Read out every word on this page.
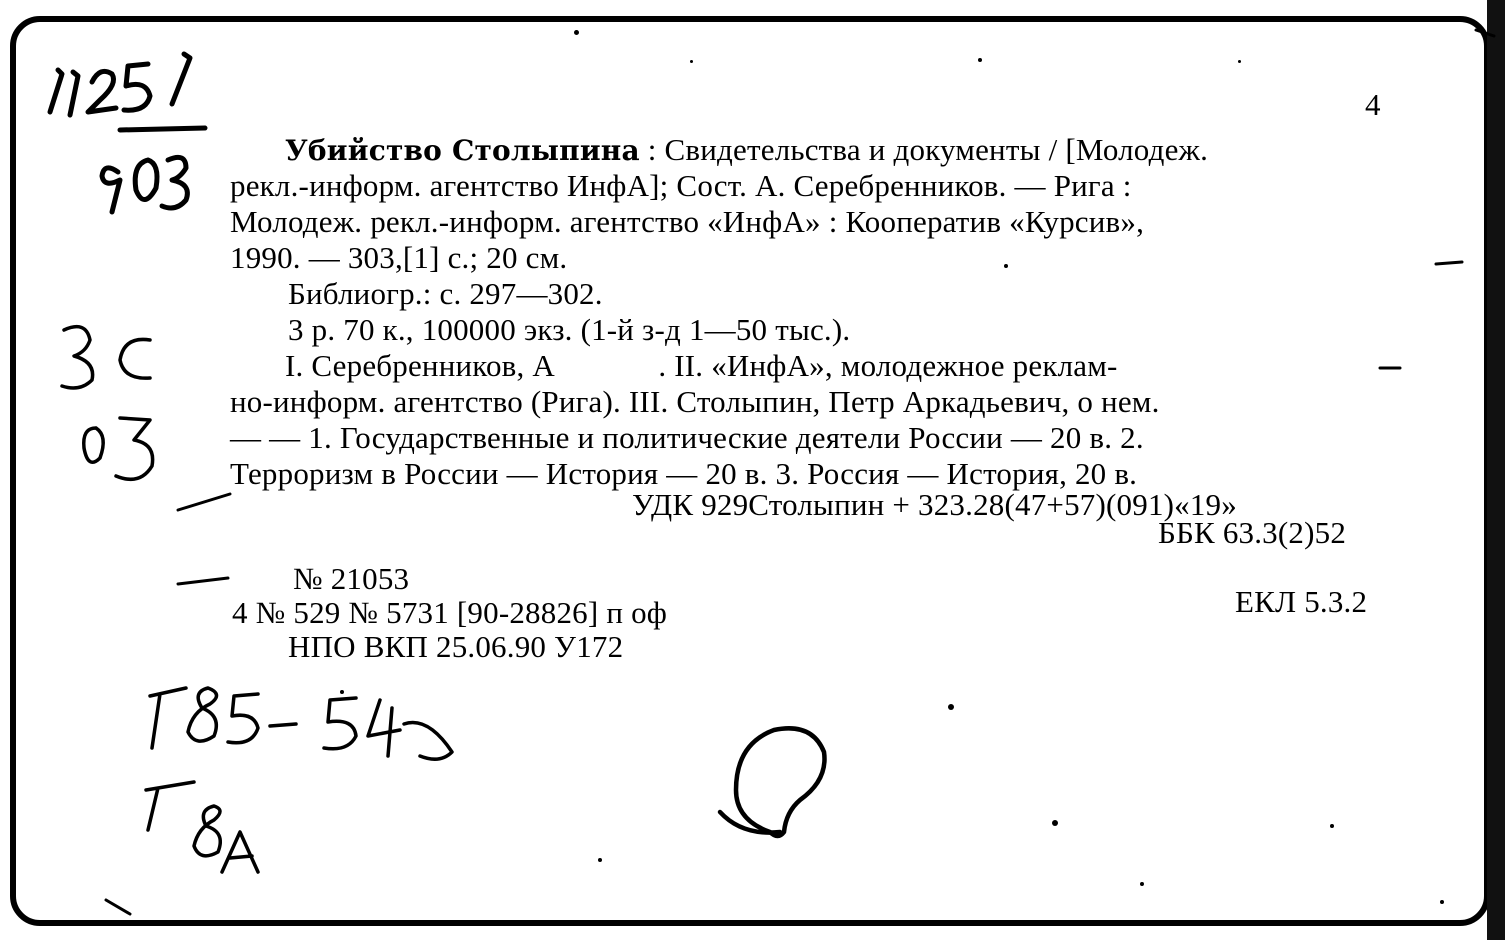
4
Убийство Столыпина : Свидетельства и документы / [Молодеж.
рекл.-информ. агентство ИнфА]; Сост. А. Серебренников. — Рига :
Молодеж. рекл.-информ. агентство «ИнфА» : Кооператив «Курсив»,
1990. — 303,[1] с.; 20 см.
Библиогр.: с. 297—302.
3 р. 70 к., 100000 экз. (1-й з-д 1—50 тыс.).
I. Серебренников, А             . II. «ИнфА», молодежное реклам-
но-информ. агентство (Рига). III. Столыпин, Петр Аркадьевич, о нем.
— — 1. Государственные и политические деятели России — 20 в. 2.
Терроризм в России — История — 20 в. 3. Россия — История, 20 в.
УДК 929Столыпин + 323.28(47+57)(091)«19»
ББК 63.3(2)52
№ 21053
4 № 529 № 5731 [90-28826] п оф	ЕКЛ 5.3.2
НПО ВКП 25.06.90 У172
